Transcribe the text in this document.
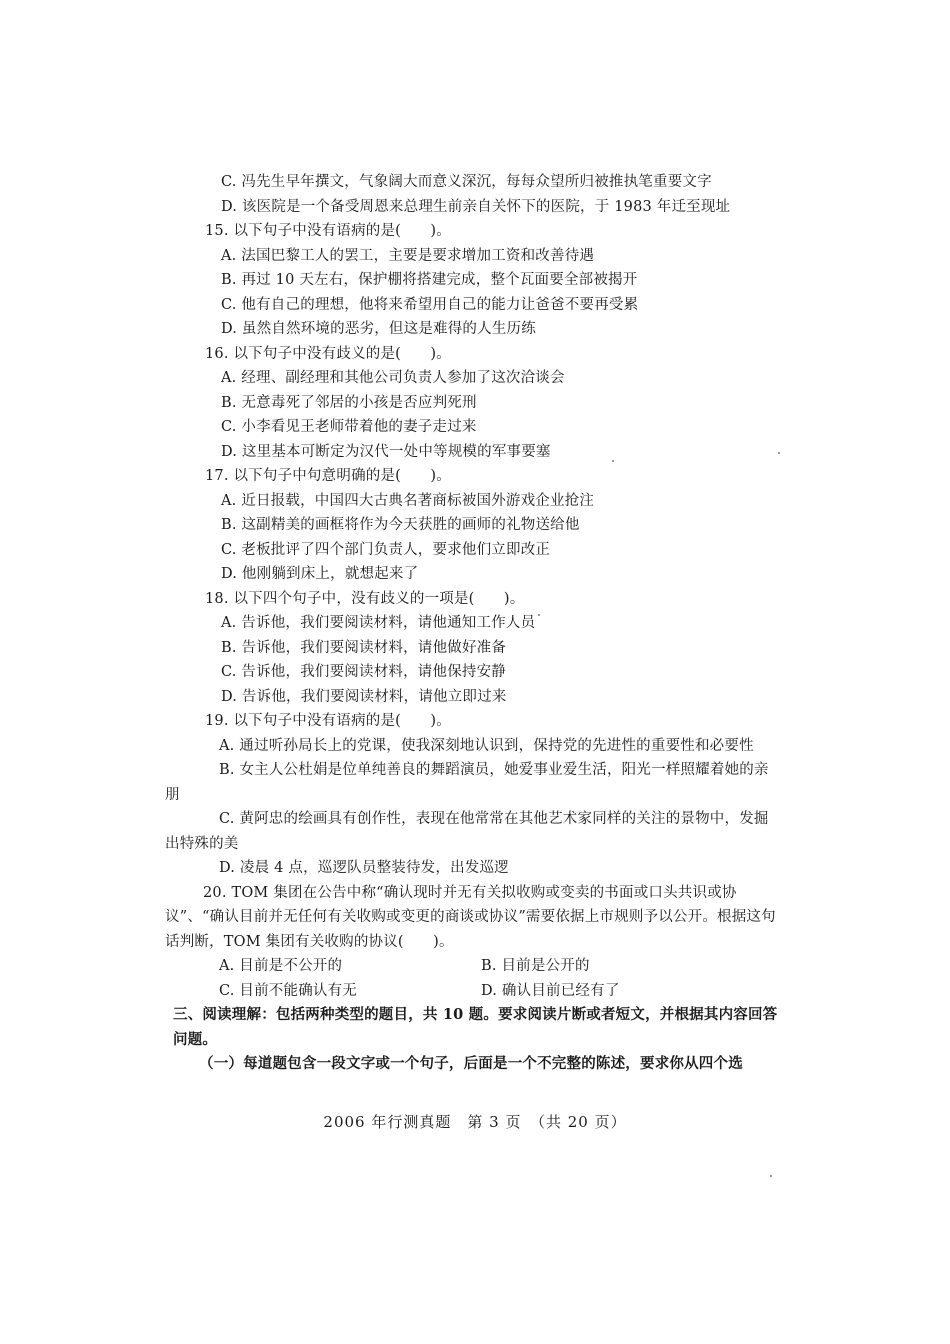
C. 冯先生早年撰文，气象阔大而意义深沉，每每众望所归被推执笔重要文字
D. 该医院是一个备受周恩来总理生前亲自关怀下的医院，于 1983 年迁至现址
15. 以下句子中没有语病的是(　　)。
A. 法国巴黎工人的罢工，主要是要求增加工资和改善待遇
B. 再过 10 天左右，保护棚将搭建完成，整个瓦面要全部被揭开
C. 他有自己的理想，他将来希望用自己的能力让爸爸不要再受累
D. 虽然自然环境的恶劣，但这是难得的人生历练
16. 以下句子中没有歧义的是(　　)。
A. 经理、副经理和其他公司负责人参加了这次洽谈会
B. 无意毒死了邻居的小孩是否应判死刑
C. 小李看见王老师带着他的妻子走过来
D. 这里基本可断定为汉代一处中等规模的军事要塞
17. 以下句子中句意明确的是(　　)。
A. 近日报载，中国四大古典名著商标被国外游戏企业抢注
B. 这副精美的画框将作为今天获胜的画师的礼物送给他
C. 老板批评了四个部门负责人，要求他们立即改正
D. 他刚躺到床上，就想起来了
18. 以下四个句子中，没有歧义的一项是(　　)。
A. 告诉他，我们要阅读材料，请他通知工作人员
B. 告诉他，我们要阅读材料，请他做好准备
C. 告诉他，我们要阅读材料，请他保持安静
D. 告诉他，我们要阅读材料，请他立即过来
19. 以下句子中没有语病的是(　　)。
A. 通过听孙局长上的党课，使我深刻地认识到，保持党的先进性的重要性和必要性
B. 女主人公杜娟是位单纯善良的舞蹈演员，她爱事业爱生活，阳光一样照耀着她的亲朋
C. 黄阿忠的绘画具有创作性，表现在他常常在其他艺术家同样的关注的景物中，发掘出特殊的美
D. 凌晨 4 点，巡逻队员整装待发，出发巡逻
20. TOM 集团在公告中称“确认现时并无有关拟收购或变卖的书面或口头共识或协议”、“确认目前并无任何有关收购或变更的商谈或协议”需要依据上市规则予以公开。根据这句话判断，TOM 集团有关收购的协议(　　)。
A. 目前是不公开的	B. 目前是公开的
C. 目前不能确认有无	D. 确认目前已经有了
三、阅读理解：包括两种类型的题目，共 10 题。要求阅读片断或者短文，并根据其内容回答问题。
（一）每道题包含一段文字或一个句子，后面是一个不完整的陈述，要求你从四个选
2006 年行测真题　第 3 页　（共 20 页）
